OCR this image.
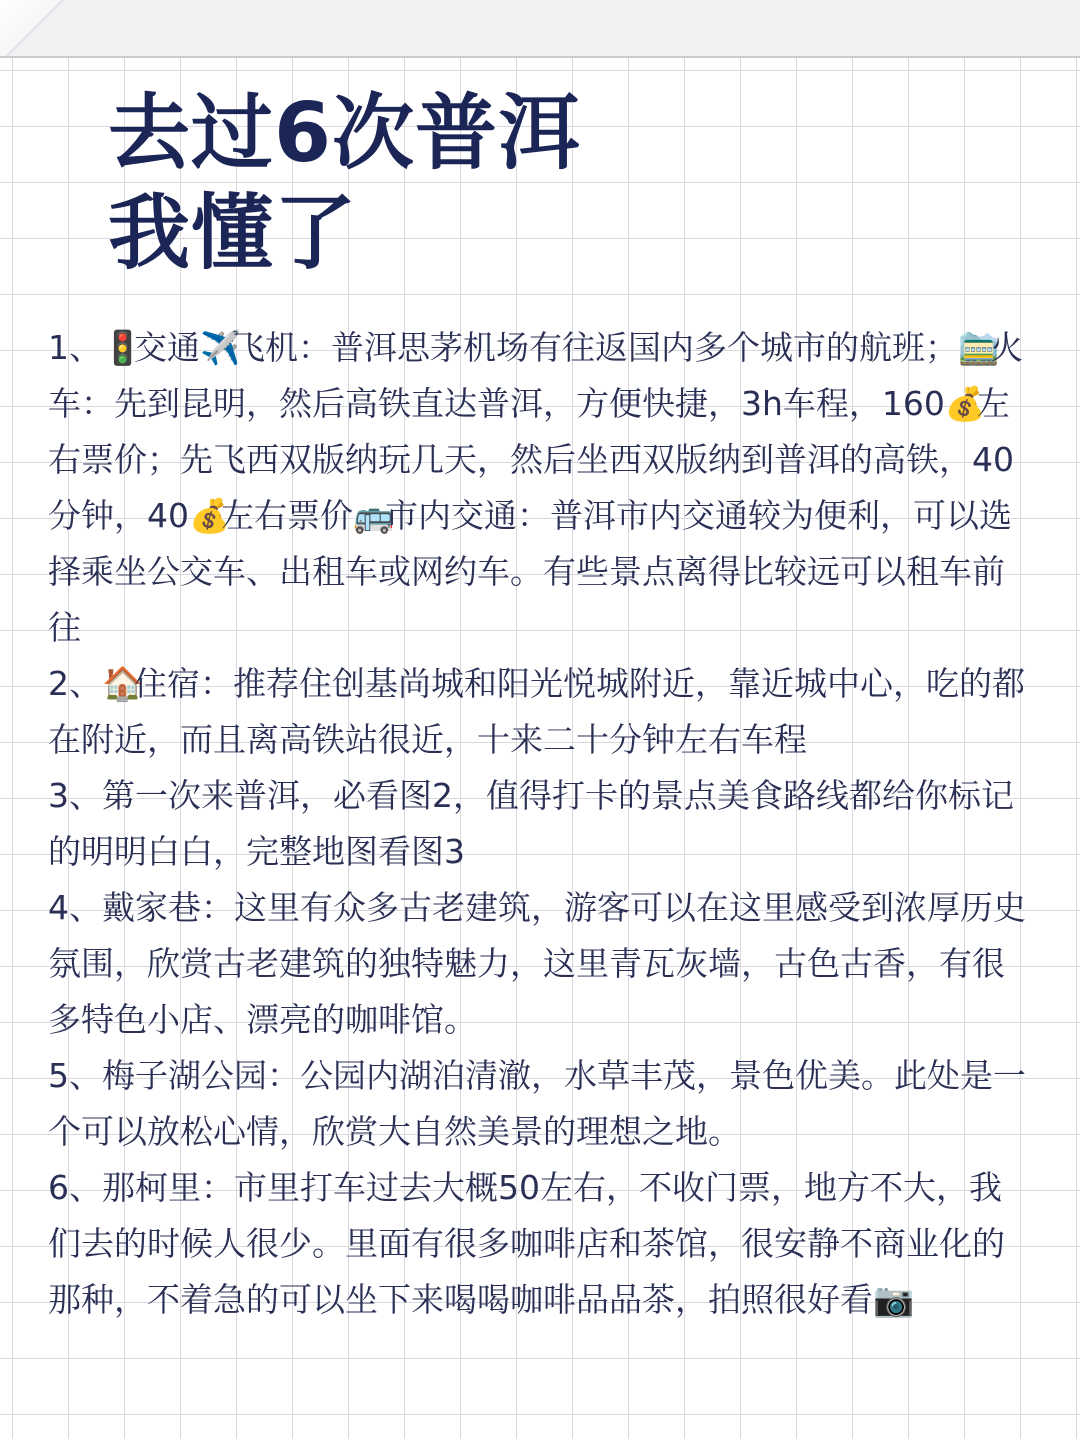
去过6次普洱
我懂了

1、🚦交通✈️飞机：普洱思茅机场有往返国内多个城市的航班；🚞火车：先到昆明，然后高铁直达普洱，方便快捷，3h车程，160💰左右票价；先飞西双版纳玩几天，然后坐西双版纳到普洱的高铁，40分钟，40💰左右票价🚌市内交通：普洱市内交通较为便利，可以选择乘坐公交车、出租车或网约车。有些景点离得比较远可以租车前往

2、🏠住宿：推荐住创基尚城和阳光悦城附近，靠近城中心，吃的都在附近，而且离高铁站很近，十来二十分钟左右车程

3、第一次来普洱，必看图2，值得打卡的景点美食路线都给你标记的明明白白，完整地图看图3

4、戴家巷：这里有众多古老建筑，游客可以在这里感受到浓厚历史氛围，欣赏古老建筑的独特魅力，这里青瓦灰墙，古色古香，有很多特色小店、漂亮的咖啡馆。

5、梅子湖公园：公园内湖泊清澈，水草丰茂，景色优美。此处是一个可以放松心情，欣赏大自然美景的理想之地。

6、那柯里：市里打车过去大概50左右，不收门票，地方不大，我们去的时候人很少。里面有很多咖啡店和茶馆，很安静不商业化的那种，不着急的可以坐下来喝喝咖啡品品茶，拍照很好看📷
